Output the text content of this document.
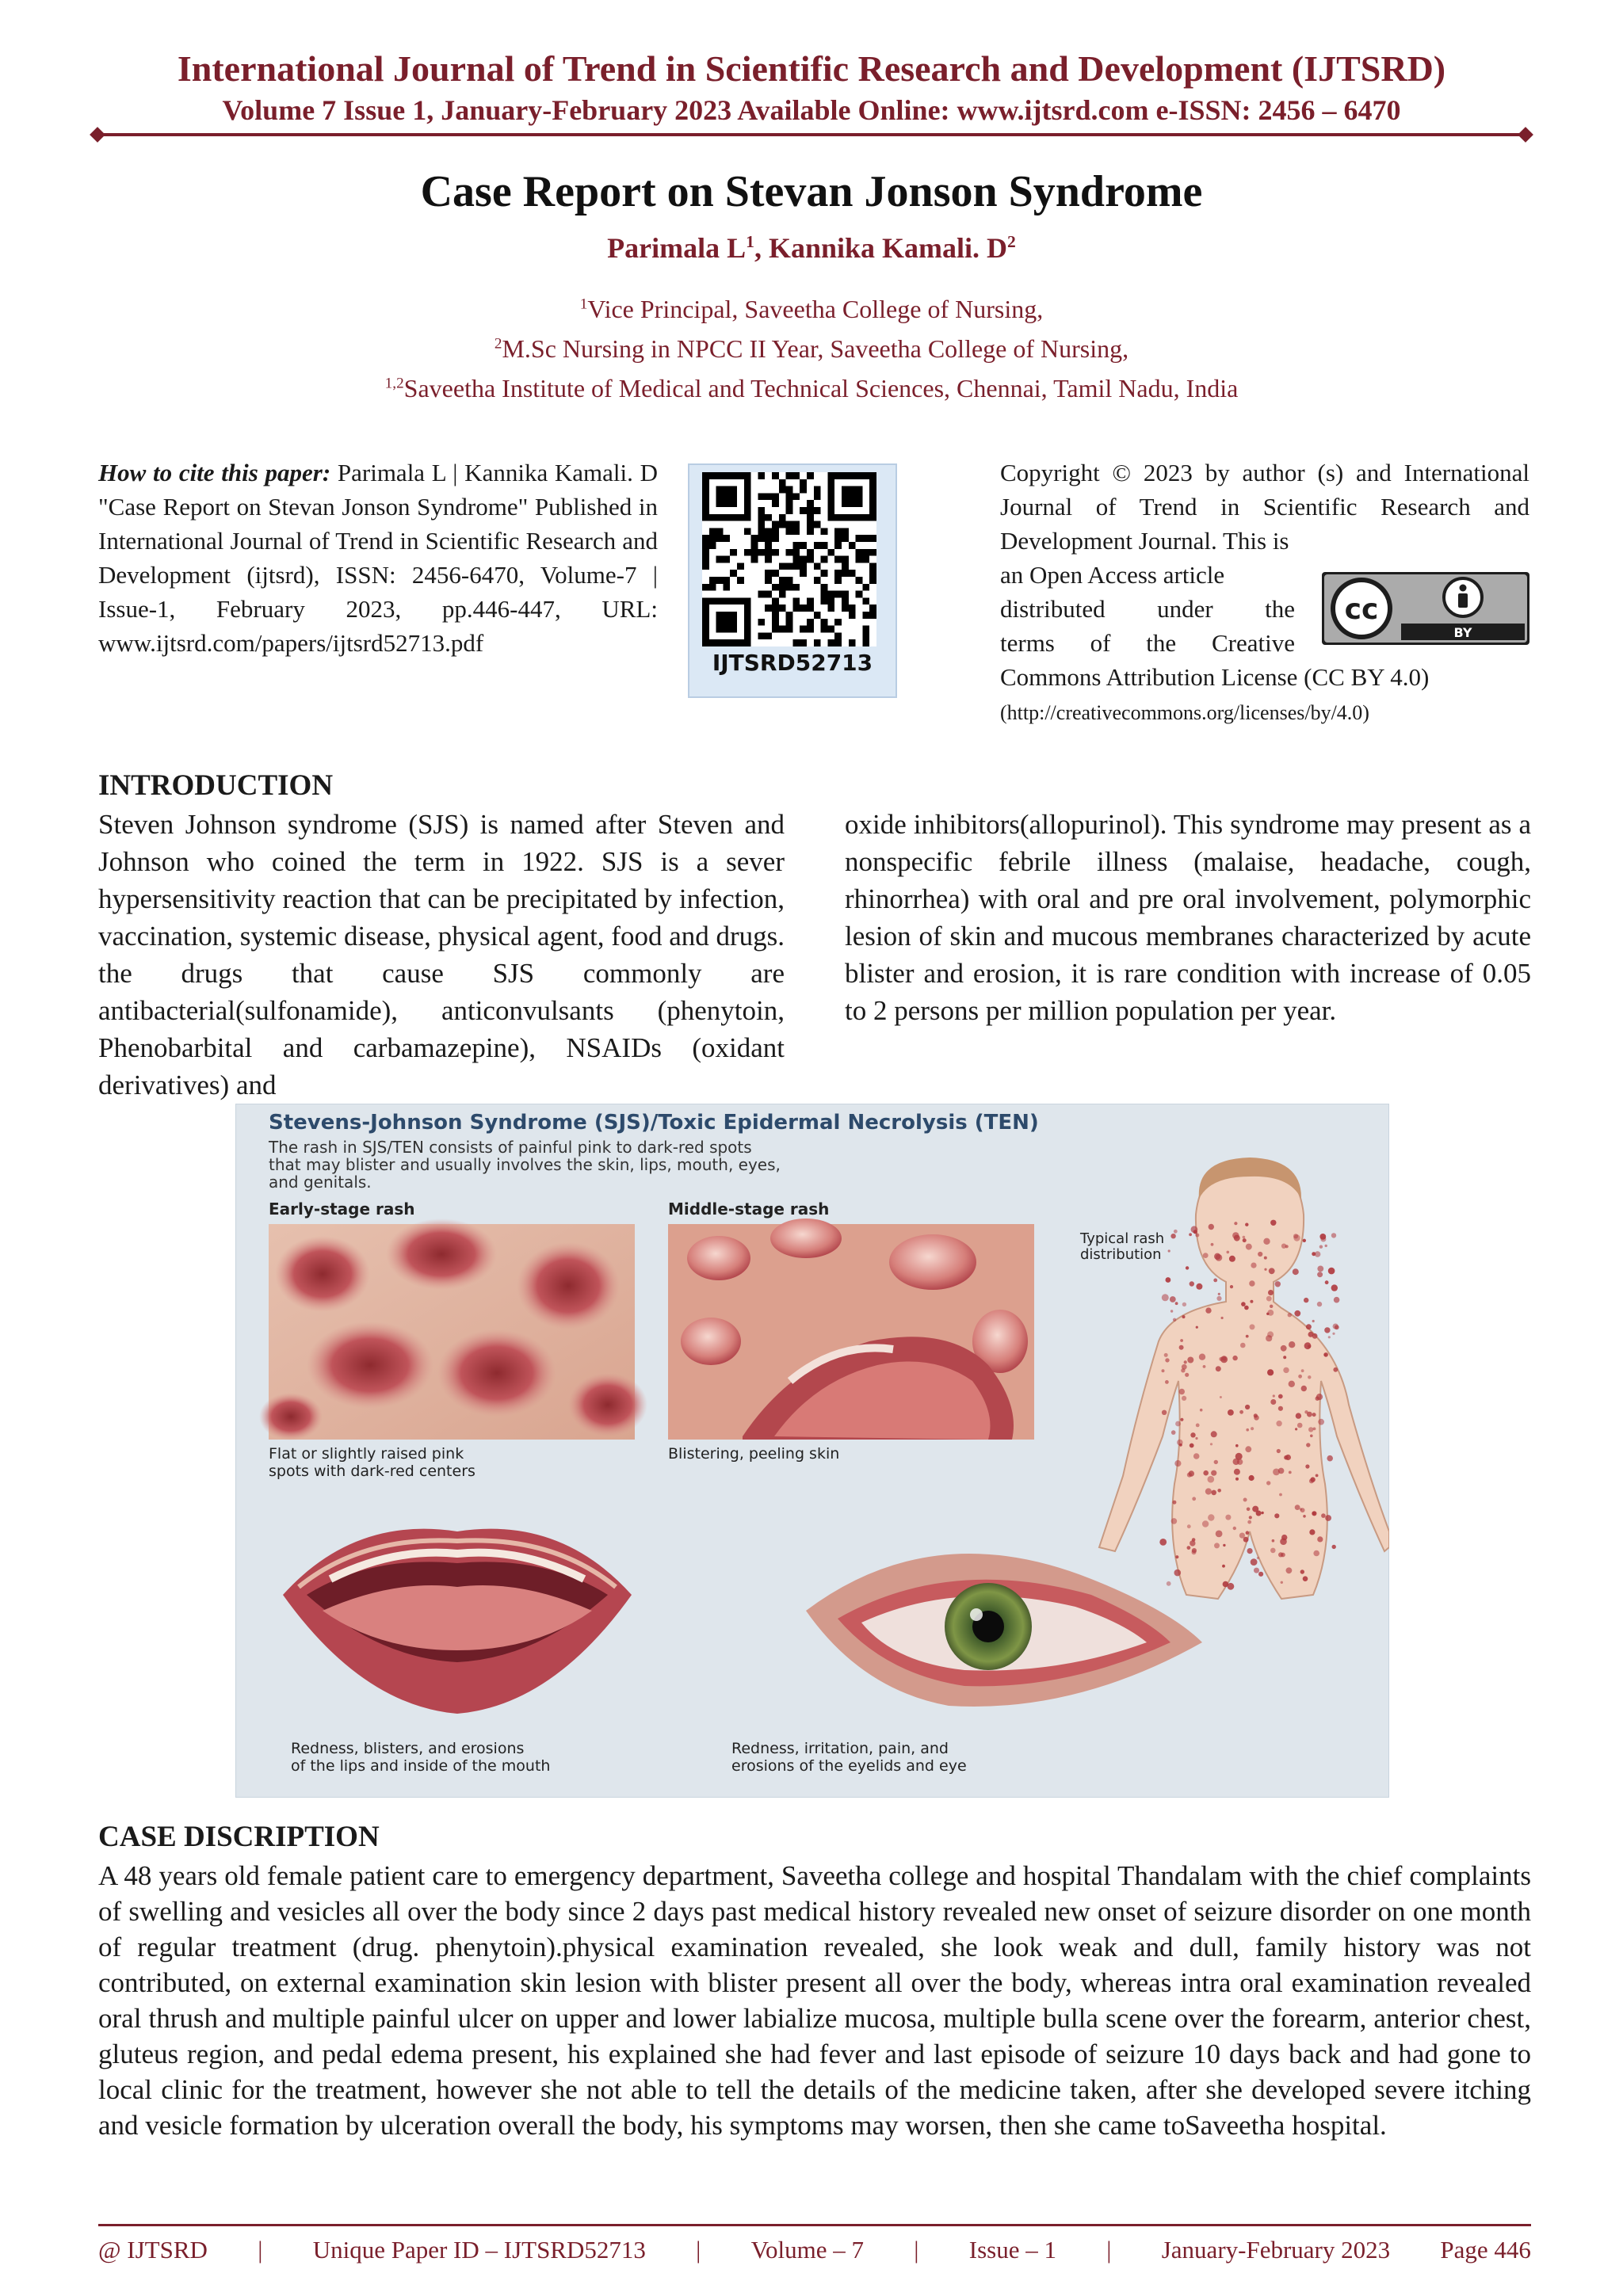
International Journal of Trend in Scientific Research and Development (IJTSRD)
Volume 7 Issue 1, January-February 2023 Available Online: www.ijtsrd.com e-ISSN: 2456 – 6470
Case Report on Stevan Jonson Syndrome
Parimala $L^1$, Kannika Kamali. $D^2$
$^1$Vice Principal, Saveetha College of Nursing,
$^2$M.Sc Nursing in NPCC II Year, Saveetha College of Nursing,
$^{1,2}$Saveetha Institute of Medical and Technical Sciences, Chennai, Tamil Nadu, India
How to cite this paper: Parimala L | Kannika Kamali. D "Case Report on Stevan Jonson Syndrome" Published in International Journal of Trend in Scientific Research and Development (ijtsrd), ISSN: 2456-6470, Volume-7 | Issue-1, February 2023, pp.446-447, URL: www.ijtsrd.com/papers/ijtsrd52713.pdf
IJTSRD52713
Copyright © 2023 by author (s) and International Journal of Trend in Scientific Research and Development Journal. This is
an Open Access article
distributed under the
terms of the Creative
Commons Attribution License (CC BY 4.0)
cc
BY
(http://creativecommons.org/licenses/by/4.0)
INTRODUCTION
Steven Johnson syndrome (SJS) is named after Steven and Johnson who coined the term in 1922. SJS is a sever hypersensitivity reaction that can be precipitated by infection, vaccination, systemic disease, physical agent, food and drugs. the drugs that cause SJS commonly are antibacterial(sulfonamide), anticonvulsants (phenytoin, Phenobarbital and carbamazepine), NSAIDs (oxidant derivatives) and
oxide inhibitors(allopurinol). This syndrome may present as a nonspecific febrile illness (malaise, headache, cough, rhinorrhea) with oral and pre oral involvement, polymorphic lesion of skin and mucous membranes characterized by acute blister and erosion, it is rare condition with increase of 0.05 to 2 persons per million population per year.
Stevens-Johnson Syndrome (SJS)/Toxic Epidermal Necrolysis (TEN)
The rash in SJS/TEN consists of painful pink to dark-red spots
that may blister and usually involves the skin, lips, mouth, eyes,
and genitals.
Early-stage rash	Middle-stage rash
Flat or slightly raised pink
spots with dark-red centers
Blistering, peeling skin
Typical rash
distribution
Redness, blisters, and erosions
of the lips and inside of the mouth
Redness, irritation, pain, and
erosions of the eyelids and eye
CASE DISCRIPTION
A 48 years old female patient care to emergency department, Saveetha college and hospital Thandalam with the chief complaints of swelling and vesicles all over the body since 2 days past medical history revealed new onset of seizure disorder on one month of regular treatment (drug. phenytoin).physical examination revealed, she look weak and dull, family history was not contributed, on external examination skin lesion with blister present all over the body, whereas intra oral examination revealed oral thrush and multiple painful ulcer on upper and lower labialize mucosa, multiple bulla scene over the forearm, anterior chest, gluteus region, and pedal edema present, his explained she had fever and last episode of seizure 10 days back and had gone to local clinic for the treatment, however she not able to tell the details of the medicine taken, after she developed severe itching and vesicle formation by ulceration overall the body, his symptoms may worsen, then she came toSaveetha hospital.
@ IJTSRD | Unique Paper ID – IJTSRD52713 | Volume – 7 | Issue – 1 | January-February 2023 Page 446
